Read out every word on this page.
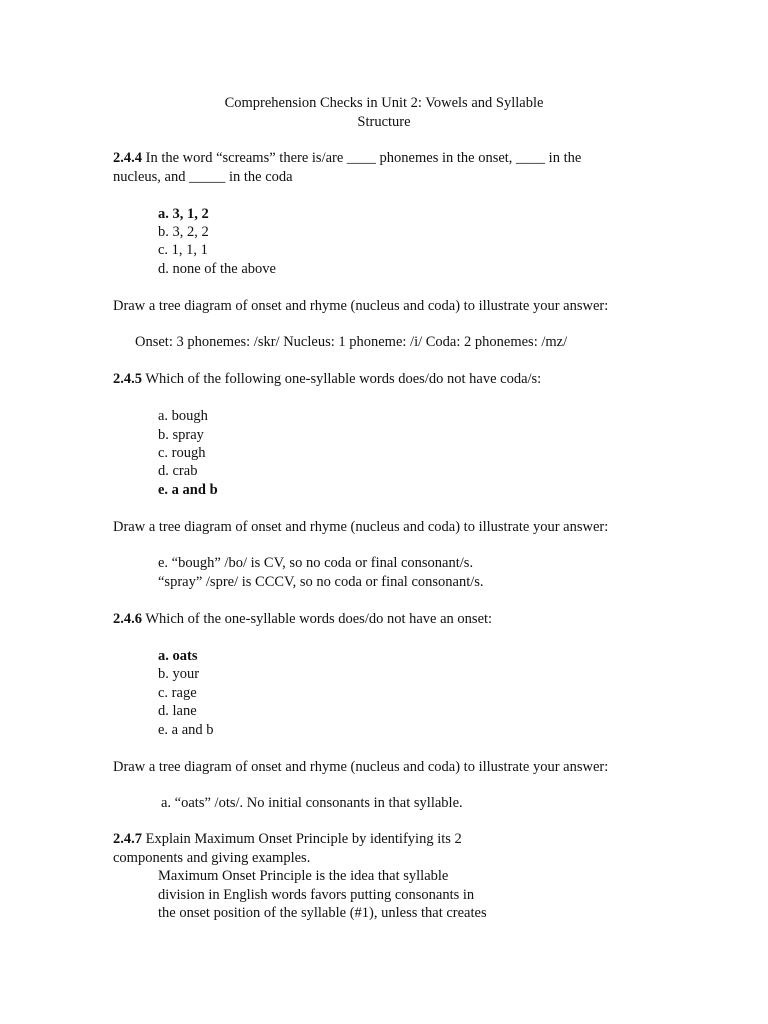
Comprehension Checks in Unit 2: Vowels and Syllable
Structure
2.4.4 In the word “screams” there is/are ____ phonemes in the onset, ____ in the
nucleus, and _____ in the coda
a. 3, 1, 2
b. 3, 2, 2
c. 1, 1, 1
d. none of the above
Draw a tree diagram of onset and rhyme (nucleus and coda) to illustrate your answer:
Onset: 3 phonemes: /skr/ Nucleus: 1 phoneme: /i/ Coda: 2 phonemes: /mz/
2.4.5 Which of the following one-syllable words does/do not have coda/s:
a. bough
b. spray
c. rough
d. crab
e. a and b
Draw a tree diagram of onset and rhyme (nucleus and coda) to illustrate your answer:
e. “bough” /bo/ is CV, so no coda or final consonant/s.
“spray” /spre/ is CCCV, so no coda or final consonant/s.
2.4.6 Which of the one-syllable words does/do not have an onset:
a. oats
b. your
c. rage
d. lane
e. a and b
Draw a tree diagram of onset and rhyme (nucleus and coda) to illustrate your answer:
a. “oats” /ots/. No initial consonants in that syllable.
2.4.7 Explain Maximum Onset Principle by identifying its 2
components and giving examples.
Maximum Onset Principle is the idea that syllable
division in English words favors putting consonants in
the onset position of the syllable (#1), unless that creates
